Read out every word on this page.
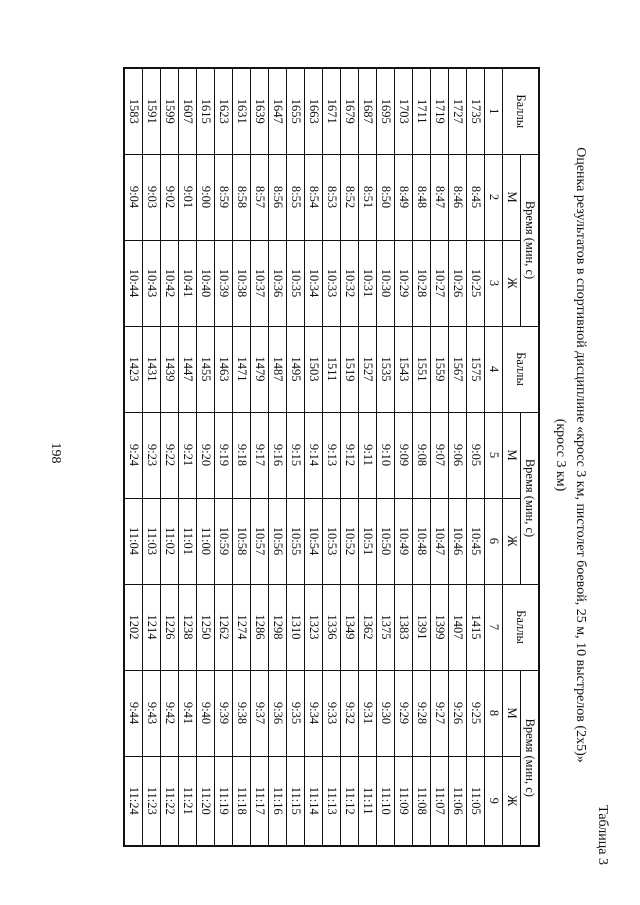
198
Таблица 3
Оценка результатов в спортивной дисциплине «кросс 3 км, пистолет боевой, 25 м, 10 выстрелов (2х5)»
(кросс 3 км)
Баллы	Время (мин, с)		Баллы	Время (мин, с)		Баллы	Время (мин, с)	
	М	Ж		М	Ж		М	Ж
1	2	3	4	5	6	7	8	9
1735	8:45	10:25	1575	9:05	10:45	1415	9:25	11:05
1727	8:46	10:26	1567	9:06	10:46	1407	9:26	11:06
1719	8:47	10:27	1559	9:07	10:47	1399	9:27	11:07
1711	8:48	10:28	1551	9:08	10:48	1391	9:28	11:08
1703	8:49	10:29	1543	9:09	10:49	1383	9:29	11:09
1695	8:50	10:30	1535	9:10	10:50	1375	9:30	11:10
1687	8:51	10:31	1527	9:11	10:51	1362	9:31	11:11
1679	8:52	10:32	1519	9:12	10:52	1349	9:32	11:12
1671	8:53	10:33	1511	9:13	10:53	1336	9:33	11:13
1663	8:54	10:34	1503	9:14	10:54	1323	9:34	11:14
1655	8:55	10:35	1495	9:15	10:55	1310	9:35	11:15
1647	8:56	10:36	1487	9:16	10:56	1298	9:36	11:16
1639	8:57	10:37	1479	9:17	10:57	1286	9:37	11:17
1631	8:58	10:38	1471	9:18	10:58	1274	9:38	11:18
1623	8:59	10:39	1463	9:19	10:59	1262	9:39	11:19
1615	9:00	10:40	1455	9:20	11:00	1250	9:40	11:20
1607	9:01	10:41	1447	9:21	11:01	1238	9:41	11:21
1599	9:02	10:42	1439	9:22	11:02	1226	9:42	11:22
1591	9:03	10:43	1431	9:23	11:03	1214	9:43	11:23
1583	9:04	10:44	1423	9:24	11:04	1202	9:44	11:24
